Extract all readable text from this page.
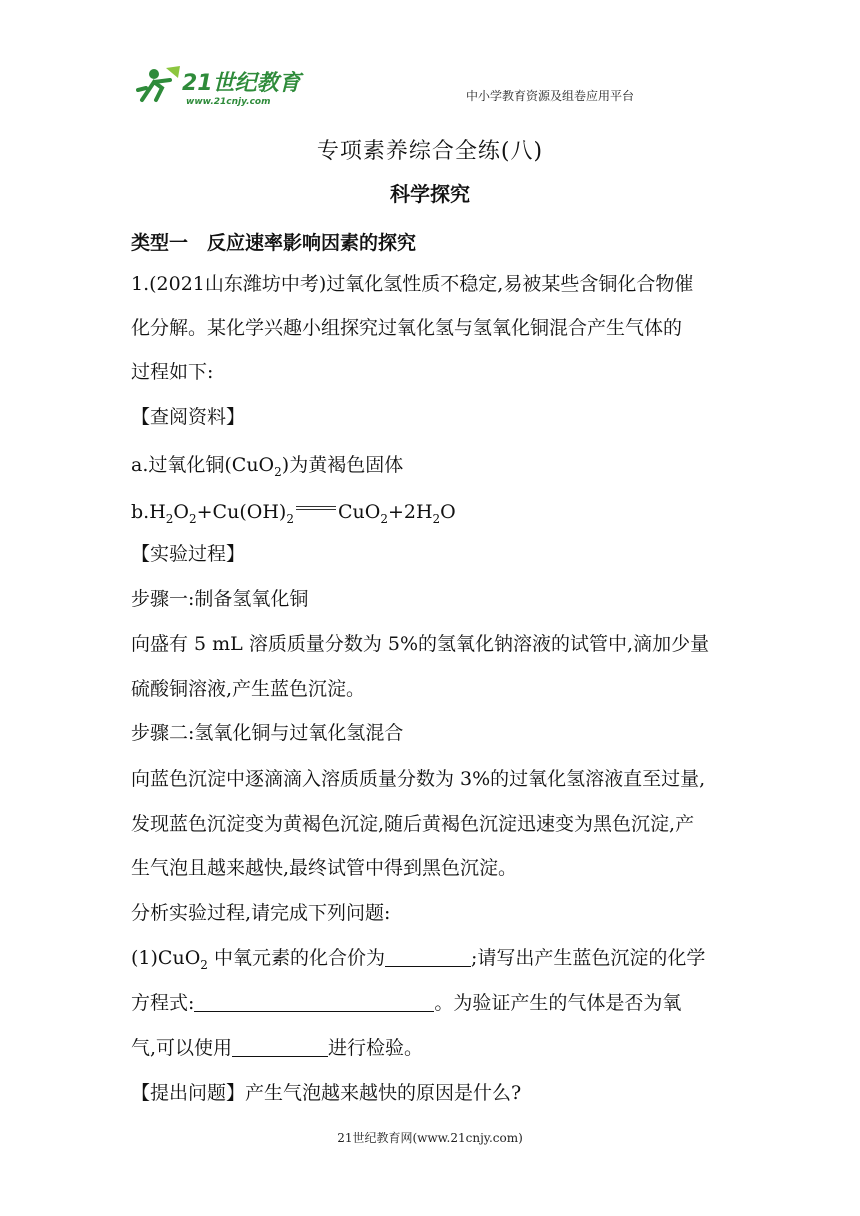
21世纪教育
www.21cnjy.com	中小学教育资源及组卷应用平台
专项素养综合全练(八)
科学探究
类型一　反应速率影响因素的探究
1.(2021山东潍坊中考)过氧化氢性质不稳定,易被某些含铜化合物催
化分解。某化学兴趣小组探究过氧化氢与氢氧化铜混合产生气体的
过程如下:
【查阅资料】
a.过氧化铜(CuO$_2$)为黄褐色固体
$b.H_2O_2+Cu(OH)_2$ $CuO_2+2H_2O$
【实验过程】
步骤一:制备氢氧化铜
向盛有 5 mL 溶质质量分数为 5%的氢氧化钠溶液的试管中,滴加少量
硫酸铜溶液,产生蓝色沉淀。
步骤二:氢氧化铜与过氧化氢混合
向蓝色沉淀中逐滴滴入溶质质量分数为 3%的过氧化氢溶液直至过量,
发现蓝色沉淀变为黄褐色沉淀,随后黄褐色沉淀迅速变为黑色沉淀,产
生气泡且越来越快,最终试管中得到黑色沉淀。
分析实验过程,请完成下列问题:
(1)CuO$_2$ 中氧元素的化合价为	;请写出产生蓝色沉淀的化学
方程式:	。为验证产生的气体是否为氧
气,可以使用	进行检验。
【提出问题】产生气泡越来越快的原因是什么?
21世纪教育网(www.21cnjy.com)
